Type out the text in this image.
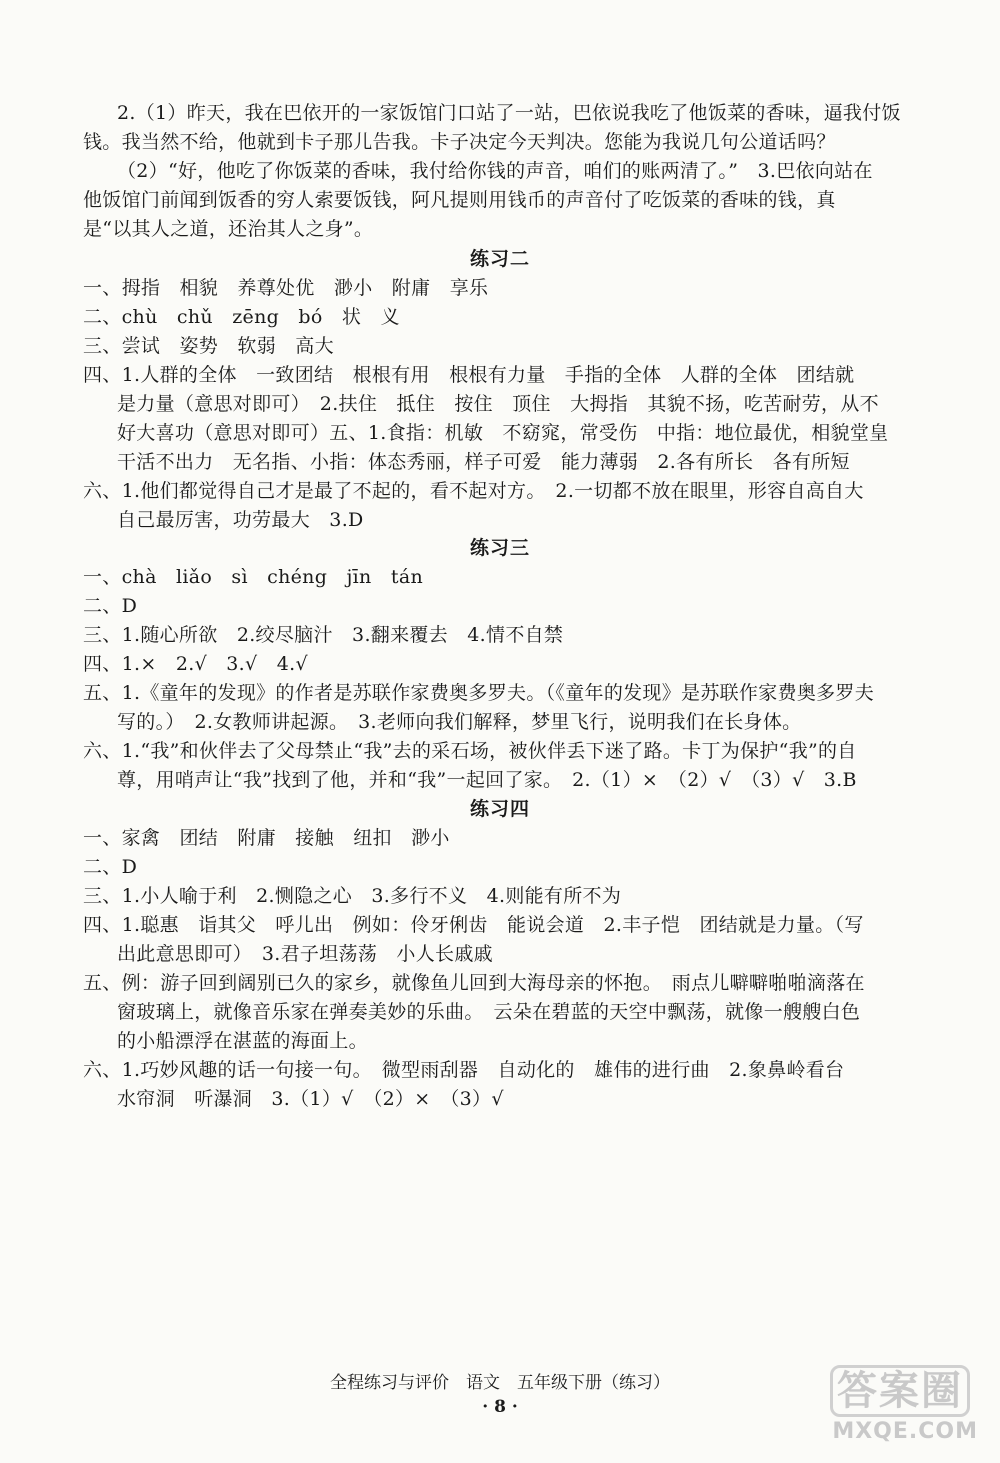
2.（1）昨天，我在巴依开的一家饭馆门口站了一站，巴依说我吃了他饭菜的香味，逼我付饭
钱。我当然不给，他就到卡子那儿告我。卡子决定今天判决。您能为我说几句公道话吗？
（2）“好，他吃了你饭菜的香味，我付给你钱的声音，咱们的账两清了。”　3.巴依向站在
他饭馆门前闻到饭香的穷人索要饭钱，阿凡提则用钱币的声音付了吃饭菜的香味的钱，真
是“以其人之道，还治其人之身”。
练习二
一、拇指　相貌　养尊处优　渺小　附庸　享乐
二、chù　chǔ　zēng　bó　状　义
三、尝试　姿势　软弱　高大
四、1.人群的全体　一致团结　根根有用　根根有力量　手指的全体　人群的全体　团结就
是力量（意思对即可）　2.扶住　抵住　按住　顶住　大拇指　其貌不扬，吃苦耐劳，从不
好大喜功（意思对即可）五、1.食指：机敏　不窈窕，常受伤　中指：地位最优，相貌堂皇
干活不出力　无名指、小指：体态秀丽，样子可爱　能力薄弱　2.各有所长　各有所短
六、1.他们都觉得自己才是最了不起的，看不起对方。　2.一切都不放在眼里，形容自高自大
自己最厉害，功劳最大　3.D
练习三
一、chà　liǎo　sì　chéng　jīn　tán
二、D
三、1.随心所欲　2.绞尽脑汁　3.翻来覆去　4.情不自禁
四、1.×　2.√　3.√　4.√
五、1.《童年的发现》的作者是苏联作家费奥多罗夫。（《童年的发现》是苏联作家费奥多罗夫
写的。）　2.女教师讲起源。　3.老师向我们解释，梦里飞行，说明我们在长身体。
六、1.“我”和伙伴去了父母禁止“我”去的采石场，被伙伴丢下迷了路。卡丁为保护“我”的自
尊，用哨声让“我”找到了他，并和“我”一起回了家。　2.（1）×　（2）√　（3）√　3.B
练习四
一、家禽　团结　附庸　接触　纽扣　渺小
二、D
三、1.小人喻于利　2.恻隐之心　3.多行不义　4.则能有所不为
四、1.聪惠　诣其父　呼儿出　例如：伶牙俐齿　能说会道　2.丰子恺　团结就是力量。（写
出此意思即可）　3.君子坦荡荡　小人长戚戚
五、例：游子回到阔别已久的家乡，就像鱼儿回到大海母亲的怀抱。　雨点儿噼噼啪啪滴落在
窗玻璃上，就像音乐家在弹奏美妙的乐曲。　云朵在碧蓝的天空中飘荡，就像一艘艘白色
的小船漂浮在湛蓝的海面上。
六、1.巧妙风趣的话一句接一句。　微型雨刮器　自动化的　雄伟的进行曲　2.象鼻岭看台
水帘洞　听瀑洞　3.（1）√　（2）×　（3）√
全程练习与评价　语文　五年级下册（练习）
· 8 ·	答案圈
MXQE.COM
